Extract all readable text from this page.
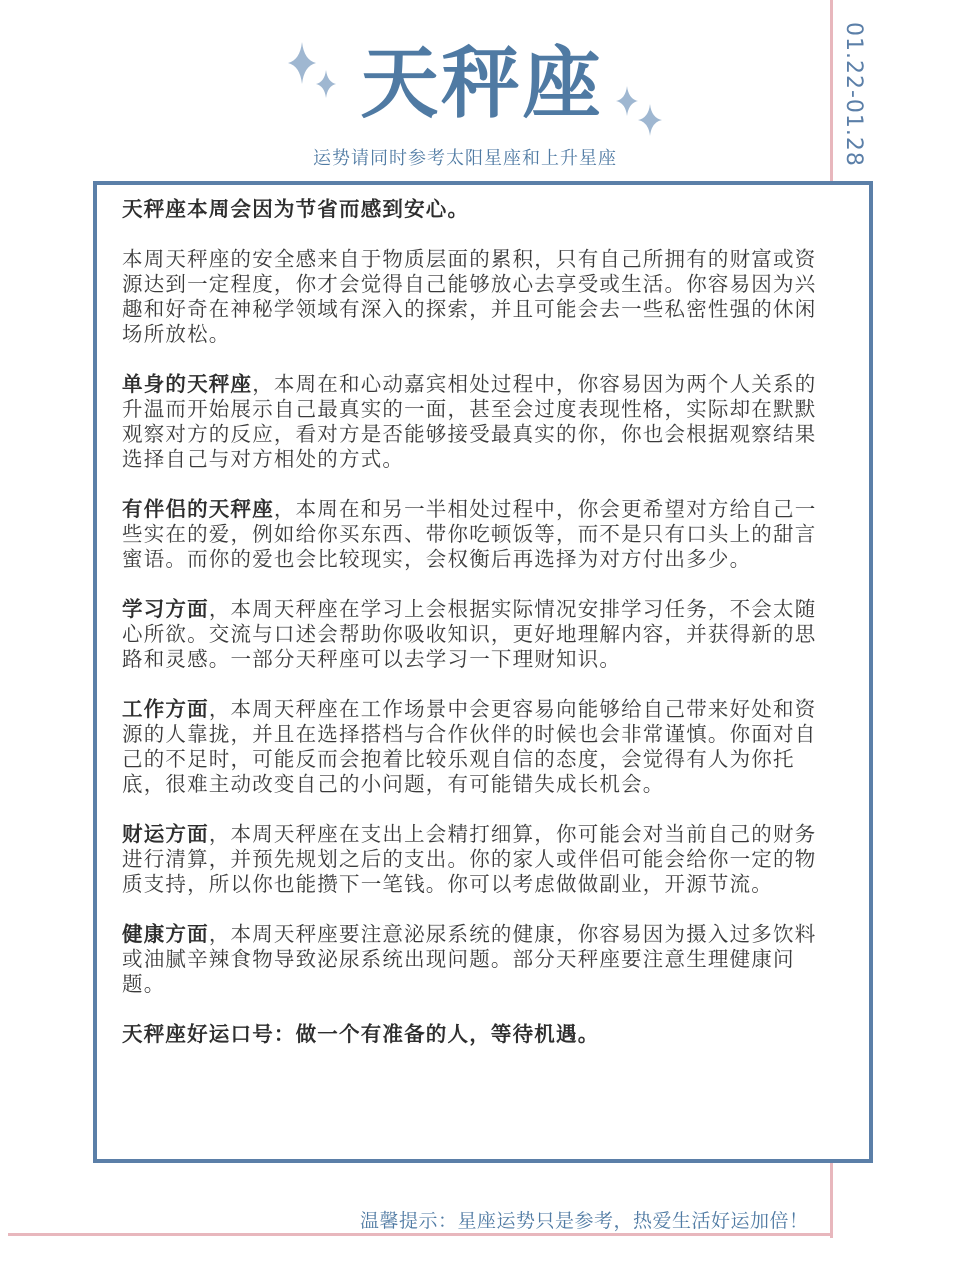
天秤座
运势请同时参考太阳星座和上升星座	01.22-01.28

天秤座本周会因为节省而感到安心。

本周天秤座的安全感来自于物质层面的累积，只有自己所拥有的财富或资源达到一定程度，你才会觉得自己能够放心去享受或生活。你容易因为兴趣和好奇在神秘学领域有深入的探索，并且可能会去一些私密性强的休闲场所放松。

单身的天秤座，本周在和心动嘉宾相处过程中，你容易因为两个人关系的升温而开始展示自己最真实的一面，甚至会过度表现性格，实际却在默默观察对方的反应，看对方是否能够接受最真实的你，你也会根据观察结果选择自己与对方相处的方式。

有伴侣的天秤座，本周在和另一半相处过程中，你会更希望对方给自己一些实在的爱，例如给你买东西、带你吃顿饭等，而不是只有口头上的甜言蜜语。而你的爱也会比较现实，会权衡后再选择为对方付出多少。

学习方面，本周天秤座在学习上会根据实际情况安排学习任务，不会太随心所欲。交流与口述会帮助你吸收知识，更好地理解内容，并获得新的思路和灵感。一部分天秤座可以去学习一下理财知识。

工作方面，本周天秤座在工作场景中会更容易向能够给自己带来好处和资源的人靠拢，并且在选择搭档与合作伙伴的时候也会非常谨慎。你面对自己的不足时，可能反而会抱着比较乐观自信的态度，会觉得有人为你托底，很难主动改变自己的小问题，有可能错失成长机会。

财运方面，本周天秤座在支出上会精打细算，你可能会对当前自己的财务进行清算，并预先规划之后的支出。你的家人或伴侣可能会给你一定的物质支持，所以你也能攒下一笔钱。你可以考虑做做副业，开源节流。

健康方面，本周天秤座要注意泌尿系统的健康，你容易因为摄入过多饮料或油腻辛辣食物导致泌尿系统出现问题。部分天秤座要注意生理健康问题。

天秤座好运口号：做一个有准备的人，等待机遇。

温馨提示：星座运势只是参考，热爱生活好运加倍！
